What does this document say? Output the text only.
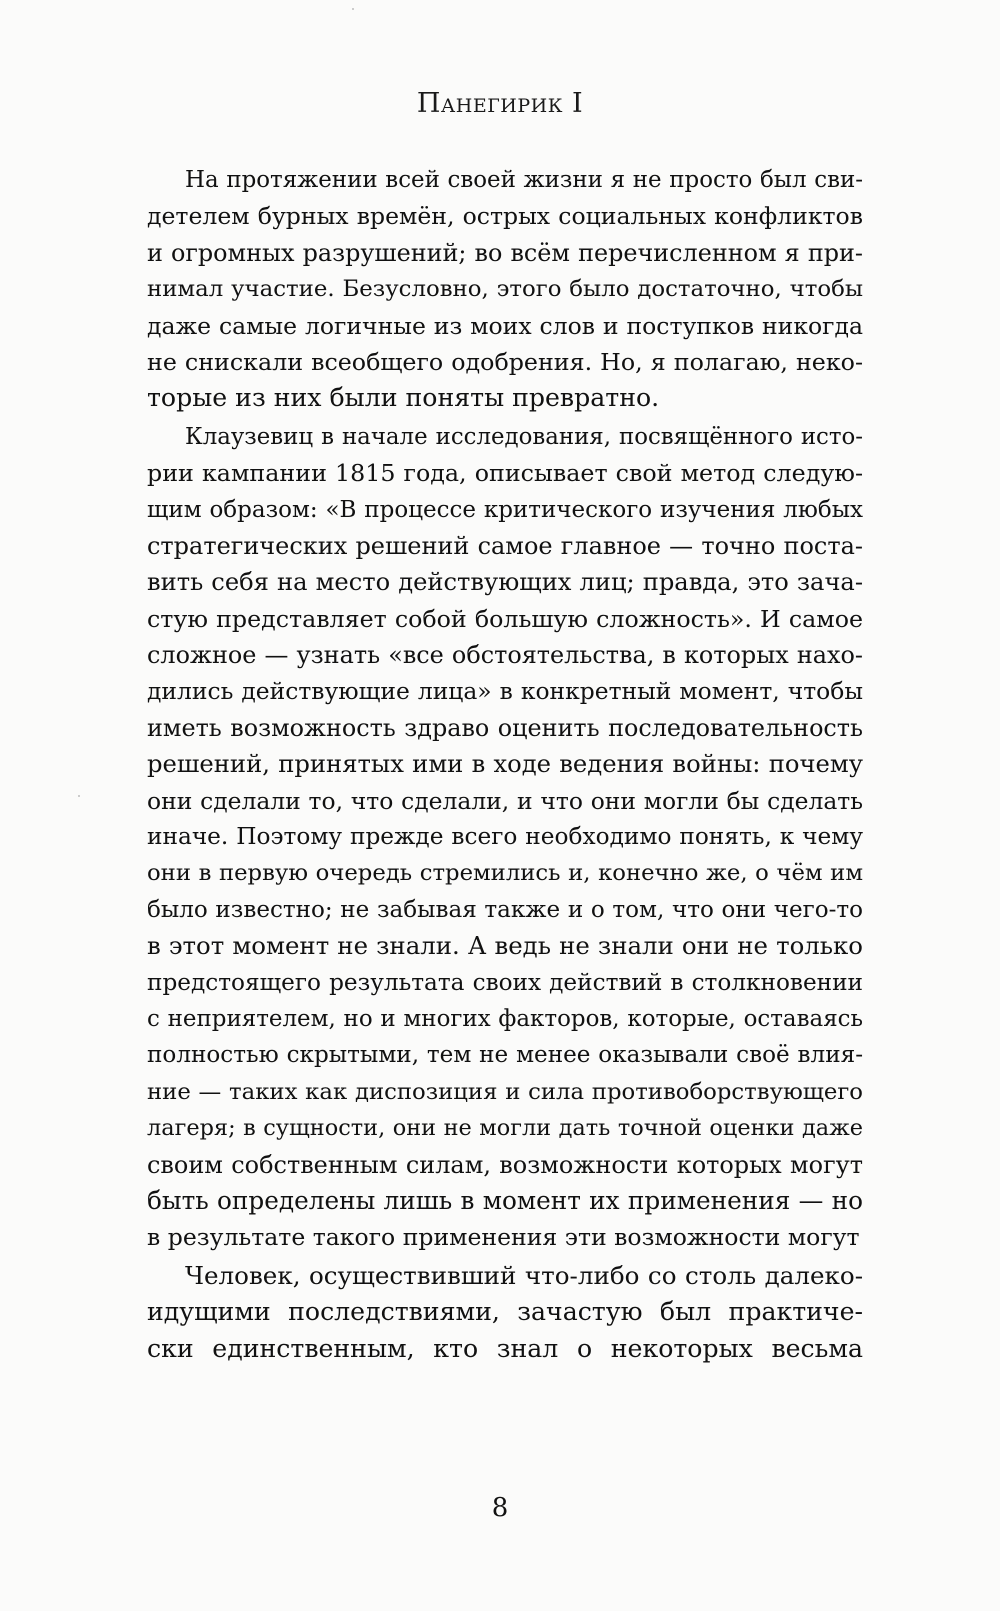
Панегирик I
На протяжении всей своей жизни я не просто был сви-
детелем бурных времён, острых социальных конфликтов
и огромных разрушений; во всём перечисленном я при-
нимал участие. Безусловно, этого было достаточно, чтобы
даже самые логичные из моих слов и поступков никогда
не снискали всеобщего одобрения. Но, я полагаю, неко-
торые из них были поняты превратно.
Клаузевиц в начале исследования, посвящённого исто-
рии кампании 1815 года, описывает свой метод следую-
щим образом: «В процессе критического изучения любых
стратегических решений самое главное — точно поста-
вить себя на место действующих лиц; правда, это зача-
стую представляет собой большую сложность». И самое
сложное — узнать «все обстоятельства, в которых нахо-
дились действующие лица» в конкретный момент, чтобы
иметь возможность здраво оценить последовательность
решений, принятых ими в ходе ведения войны: почему
они сделали то, что сделали, и что они могли бы сделать
иначе. Поэтому прежде всего необходимо понять, к чему
они в первую очередь стремились и, конечно же, о чём им
было известно; не забывая также и о том, что они чего-то
в этот момент не знали. А ведь не знали они не только
предстоящего результата своих действий в столкновении
с неприятелем, но и многих факторов, которые, оставаясь
полностью скрытыми, тем не менее оказывали своё влия-
ние — таких как диспозиция и сила противоборствующего
лагеря; в сущности, они не могли дать точной оценки даже
своим собственным силам, возможности которых могут
быть определены лишь в момент их применения — но
в результате такого применения эти возможности могут
Человек, осуществивший что-либо со столь далеко-
идущими последствиями, зачастую был практиче-
ски единственным, кто знал о некоторых весьма
8
